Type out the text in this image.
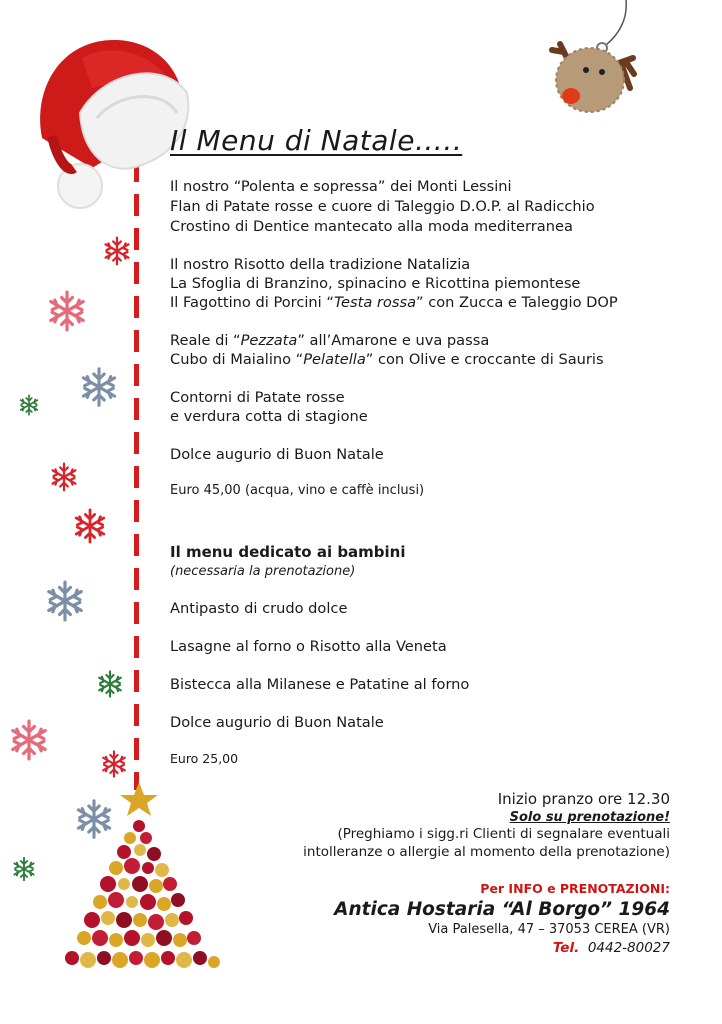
Il Menu di Natale…..
Il nostro “Polenta e sopressa” dei Monti Lessini
Flan di Patate rosse e cuore di Taleggio D.O.P. al Radicchio
Crostino di Dentice mantecato alla moda mediterranea
Il nostro Risotto della tradizione Natalizia
La Sfoglia di Branzino, spinacino e Ricottina piemontese
Il Fagottino di Porcini “Testa rossa” con Zucca e Taleggio DOP
Reale di “Pezzata” all’Amarone e uva passa
Cubo di Maialino “Pelatella” con Olive e croccante di Sauris
Contorni di Patate rosse
e verdura cotta di stagione
Dolce augurio di Buon Natale
Euro 45,00 (acqua, vino e caffè inclusi)
Il menu dedicato ai bambini
(necessaria la prenotazione)
Antipasto di crudo dolce
Lasagne al forno o Risotto alla Veneta
Bistecca alla Milanese e Patatine al forno
Dolce augurio di Buon Natale
Euro 25,00
Inizio pranzo ore 12.30
Solo su prenotazione!
(Preghiamo i sigg.ri Clienti di segnalare eventuali
intolleranze o allergie al momento della prenotazione)
Per INFO e PRENOTAZIONI:
Antica Hostaria “Al Borgo” 1964
Via Palesella, 47 – 37053 CEREA (VR)
Tel. 0442-80027
